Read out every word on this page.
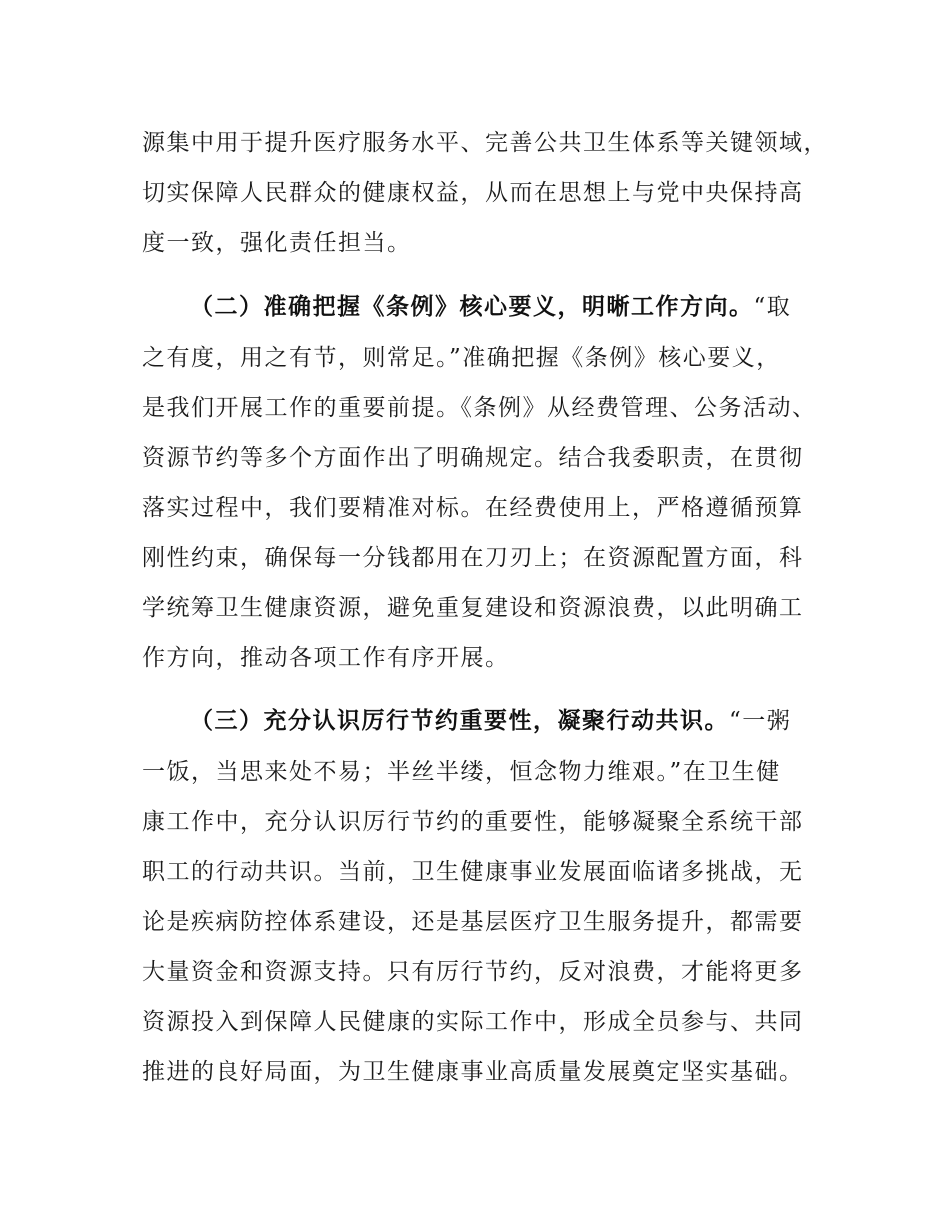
源集中用于提升医疗服务水平、完善公共卫生体系等关键领域，
切实保障人民群众的健康权益，从而在思想上与党中央保持高
度一致，强化责任担当。
（二）准确把握《条例》核心要义，明晰工作方向。“取
之有度，用之有节，则常足。”准确把握《条例》核心要义，
是我们开展工作的重要前提。《条例》从经费管理、公务活动、
资源节约等多个方面作出了明确规定。结合我委职责，在贯彻
落实过程中，我们要精准对标。在经费使用上，严格遵循预算
刚性约束，确保每一分钱都用在刀刃上；在资源配置方面，科
学统筹卫生健康资源，避免重复建设和资源浪费，以此明确工
作方向，推动各项工作有序开展。
（三）充分认识厉行节约重要性，凝聚行动共识。“一粥
一饭，当思来处不易；半丝半缕，恒念物力维艰。”在卫生健
康工作中，充分认识厉行节约的重要性，能够凝聚全系统干部
职工的行动共识。当前，卫生健康事业发展面临诸多挑战，无
论是疾病防控体系建设，还是基层医疗卫生服务提升，都需要
大量资金和资源支持。只有厉行节约，反对浪费，才能将更多
资源投入到保障人民健康的实际工作中，形成全员参与、共同
推进的良好局面，为卫生健康事业高质量发展奠定坚实基础。
